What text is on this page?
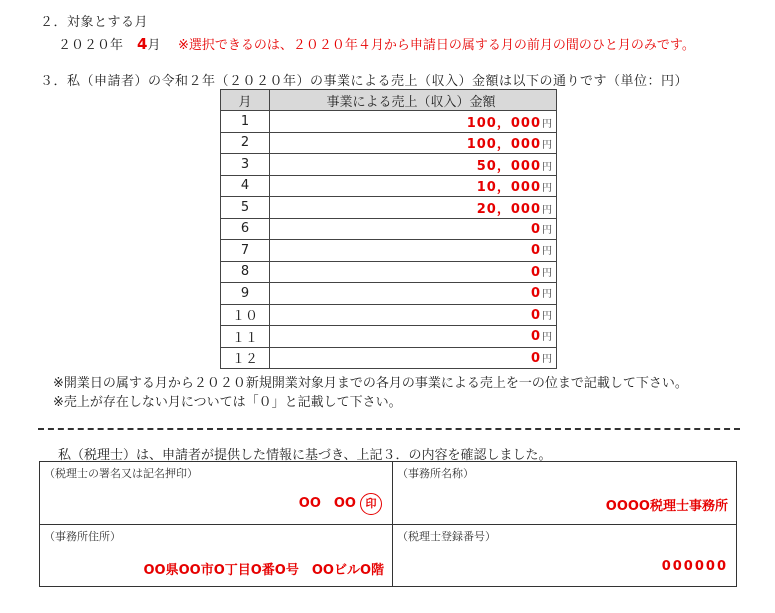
２．対象とする月
２０２０年 4月 ※選択できるのは、２０２０年４月から申請日の属する月の前月の間のひと月のみです。
３．私（申請者）の令和２年（２０２０年）の事業による売上（収入）金額は以下の通りです（単位：円）
月	事業による売上（収入）金額
1	100，000円
2	100，000円
3	50，000円
4	10，000円
5	20，000円
6	0円
7	0円
8	0円
9	0円
１０	0円
１１	0円
１２	0円
※開業日の属する月から２０２０新規開業対象月までの各月の事業による売上を一の位まで記載して下さい。
※売上が存在しない月については「０」と記載して下さい。
私（税理士）は、申請者が提供した情報に基づき、上記３．の内容を確認しました。
（税理士の署名又は記名押印）
OO　OO 印
（事務所名称）
OOOO税理士事務所
（事務所住所）
OO県OO市O丁目O番O号　OOビルO階
（税理士登録番号）
000000
